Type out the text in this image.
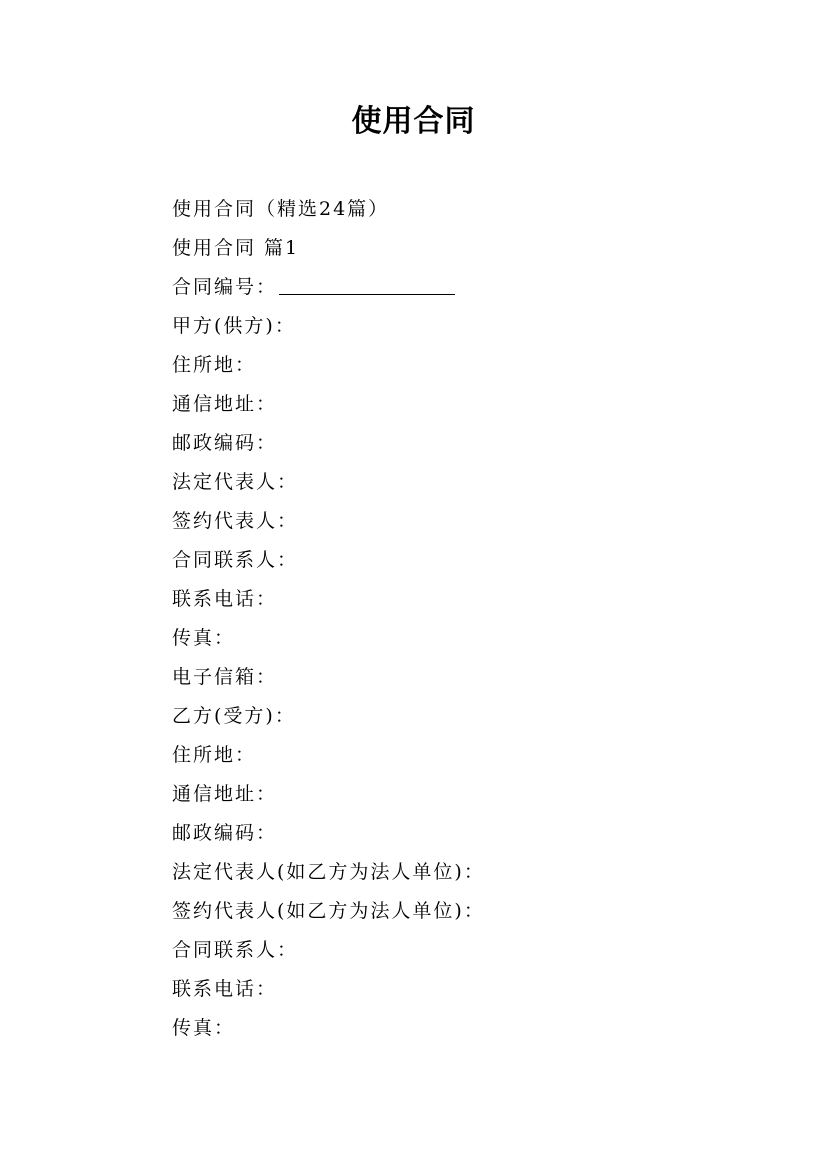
使用合同
使用合同（精选24篇）
使用合同 篇1
合同编号：
甲方(供方)：
住所地：
通信地址：
邮政编码：
法定代表人：
签约代表人：
合同联系人：
联系电话：
传真：
电子信箱：
乙方(受方)：
住所地：
通信地址：
邮政编码：
法定代表人(如乙方为法人单位)：
签约代表人(如乙方为法人单位)：
合同联系人：
联系电话：
传真：
